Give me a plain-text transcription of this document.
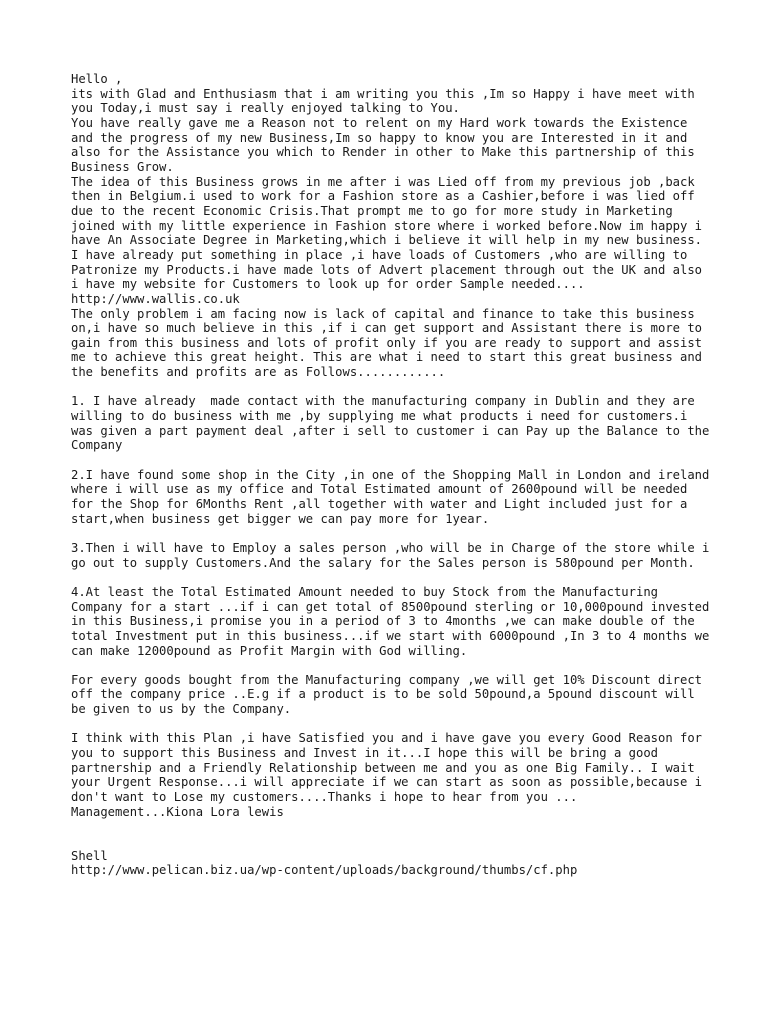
Hello ,

its with Glad and Enthusiasm that i am writing you this ,Im so Happy i have meet with you Today,i must say i really enjoyed talking to You.

You have really gave me a Reason not to relent on my Hard work towards the Existence and the progress of my new Business,Im so happy to know you are Interested in it and also for the Assistance you which to Render in other to Make this partnership of this Business Grow.

The idea of this Business grows in me after i was Lied off from my previous job ,back then in Belgium.i used to work for a Fashion store as a Cashier,before i was lied off due to the recent Economic Crisis.That prompt me to go for more study in Marketing joined with my little experience in Fashion store where i worked before.Now im happy i have An Associate Degree in Marketing,which i believe it will help in my new business.

I have already put something in place ,i have loads of Customers ,who are willing to Patronize my Products.i have made lots of Advert placement through out the UK and also i have my website for Customers to look up for order Sample needed....

http://www.wallis.co.uk

The only problem i am facing now is lack of capital and finance to take this business on,i have so much believe in this ,if i can get support and Assistant there is more to gain from this business and lots of profit only if you are ready to support and assist me to achieve this great height. This are what i need to start this great business and the benefits and profits are as Follows............

1. I have already  made contact with the manufacturing company in Dublin and they are willing to do business with me ,by supplying me what products i need for customers.i was given a part payment deal ,after i sell to customer i can Pay up the Balance to the Company

2.I have found some shop in the City ,in one of the Shopping Mall in London and ireland where i will use as my office and Total Estimated amount of 2600pound will be needed for the Shop for 6Months Rent ,all together with water and Light included just for a start,when business get bigger we can pay more for 1year.

3.Then i will have to Employ a sales person ,who will be in Charge of the store while i go out to supply Customers.And the salary for the Sales person is 580pound per Month.

4.At least the Total Estimated Amount needed to buy Stock from the Manufacturing Company for a start ...if i can get total of 8500pound sterling or 10,000pound invested in this Business,i promise you in a period of 3 to 4months ,we can make double of the total Investment put in this business...if we start with 6000pound ,In 3 to 4 months we can make 12000pound as Profit Margin with God willing.

For every goods bought from the Manufacturing company ,we will get 10% Discount direct off the company price ..E.g if a product is to be sold 50pound,a 5pound discount will be given to us by the Company.

I think with this Plan ,i have Satisfied you and i have gave you every Good Reason for you to support this Business and Invest in it...I hope this will be bring a good partnership and a Friendly Relationship between me and you as one Big Family.. I wait your Urgent Response...i will appreciate if we can start as soon as possible,because i don't want to Lose my customers....Thanks i hope to hear from you ...

Management...Kiona Lora lewis

Shell

http://www.pelican.biz.ua/wp-content/uploads/background/thumbs/cf.php
